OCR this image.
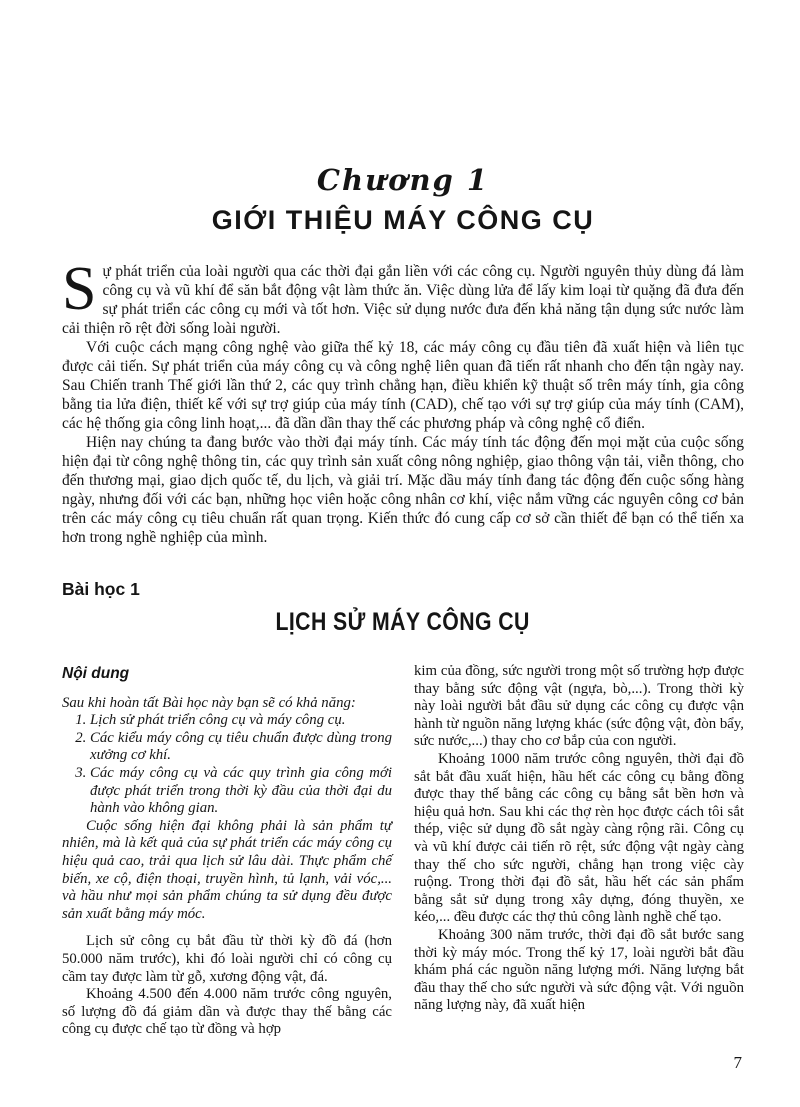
Chương 1
GIỚI THIỆU MÁY CÔNG CỤ

Sự phát triển của loài người qua các thời đại gắn liền với các công cụ. Người nguyên thủy dùng đá làm công cụ và vũ khí để săn bắt động vật làm thức ăn. Việc dùng lửa để lấy kim loại từ quặng đã đưa đến sự phát triển các công cụ mới và tốt hơn. Việc sử dụng nước đưa đến khả năng tận dụng sức nước làm cải thiện rõ rệt đời sống loài người.

Với cuộc cách mạng công nghệ vào giữa thế kỷ 18, các máy công cụ đầu tiên đã xuất hiện và liên tục được cải tiến. Sự phát triển của máy công cụ và công nghệ liên quan đã tiến rất nhanh cho đến tận ngày nay. Sau Chiến tranh Thế giới lần thứ 2, các quy trình chẳng hạn, điều khiển kỹ thuật số trên máy tính, gia công bằng tia lửa điện, thiết kế với sự trợ giúp của máy tính (CAD), chế tạo với sự trợ giúp của máy tính (CAM), các hệ thống gia công linh hoạt,... đã dần dần thay thế các phương pháp và công nghệ cổ điển.

Hiện nay chúng ta đang bước vào thời đại máy tính. Các máy tính tác động đến mọi mặt của cuộc sống hiện đại từ công nghệ thông tin, các quy trình sản xuất công nông nghiệp, giao thông vận tải, viễn thông, cho đến thương mại, giao dịch quốc tế, du lịch, và giải trí. Mặc dầu máy tính đang tác động đến cuộc sống hàng ngày, nhưng đối với các bạn, những học viên hoặc công nhân cơ khí, việc nắm vững các nguyên công cơ bản trên các máy công cụ tiêu chuẩn rất quan trọng. Kiến thức đó cung cấp cơ sở cần thiết để bạn có thể tiến xa hơn trong nghề nghiệp của mình.

Bài học 1
LỊCH SỬ MÁY CÔNG CỤ
Nội dung

Sau khi hoàn tất Bài học này bạn sẽ có khả năng:

1. Lịch sử phát triển công cụ và máy công cụ.
2. Các kiểu máy công cụ tiêu chuẩn được dùng trong xưởng cơ khí.
3. Các máy công cụ và các quy trình gia công mới được phát triển trong thời kỳ đầu của thời đại du hành vào không gian.

Cuộc sống hiện đại không phải là sản phẩm tự nhiên, mà là kết quả của sự phát triển các máy công cụ hiệu quả cao, trải qua lịch sử lâu dài. Thực phẩm chế biến, xe cộ, điện thoại, truyền hình, tủ lạnh, vải vóc,... và hầu như mọi sản phẩm chúng ta sử dụng đều được sản xuất bằng máy móc.

Lịch sử công cụ bắt đầu từ thời kỳ đồ đá (hơn 50.000 năm trước), khi đó loài người chỉ có công cụ cầm tay được làm từ gỗ, xương động vật, đá.

Khoảng 4.500 đến 4.000 năm trước công nguyên, số lượng đồ đá giảm dần và được thay thế bằng các công cụ được chế tạo từ đồng và hợp

kim của đồng, sức người trong một số trường hợp được thay bằng sức động vật (ngựa, bò,...). Trong thời kỳ này loài người bắt đầu sử dụng các công cụ được vận hành từ nguồn năng lượng khác (sức động vật, đòn bẩy, sức nước,...) thay cho cơ bắp của con người.

Khoảng 1000 năm trước công nguyên, thời đại đồ sắt bắt đầu xuất hiện, hầu hết các công cụ bằng đồng được thay thế bằng các công cụ bằng sắt bền hơn và hiệu quả hơn. Sau khi các thợ rèn học được cách tôi sắt thép, việc sử dụng đồ sắt ngày càng rộng rãi. Công cụ và vũ khí được cải tiến rõ rệt, sức động vật ngày càng thay thế cho sức người, chẳng hạn trong việc cày ruộng. Trong thời đại đồ sắt, hầu hết các sản phẩm bằng sắt sử dụng trong xây dựng, đóng thuyền, xe kéo,... đều được các thợ thủ công lành nghề chế tạo.

Khoảng 300 năm trước, thời đại đồ sắt bước sang thời kỳ máy móc. Trong thế kỷ 17, loài người bắt đầu khám phá các nguồn năng lượng mới. Năng lượng bắt đầu thay thế cho sức người và sức động vật. Với nguồn năng lượng này, đã xuất hiện

7
